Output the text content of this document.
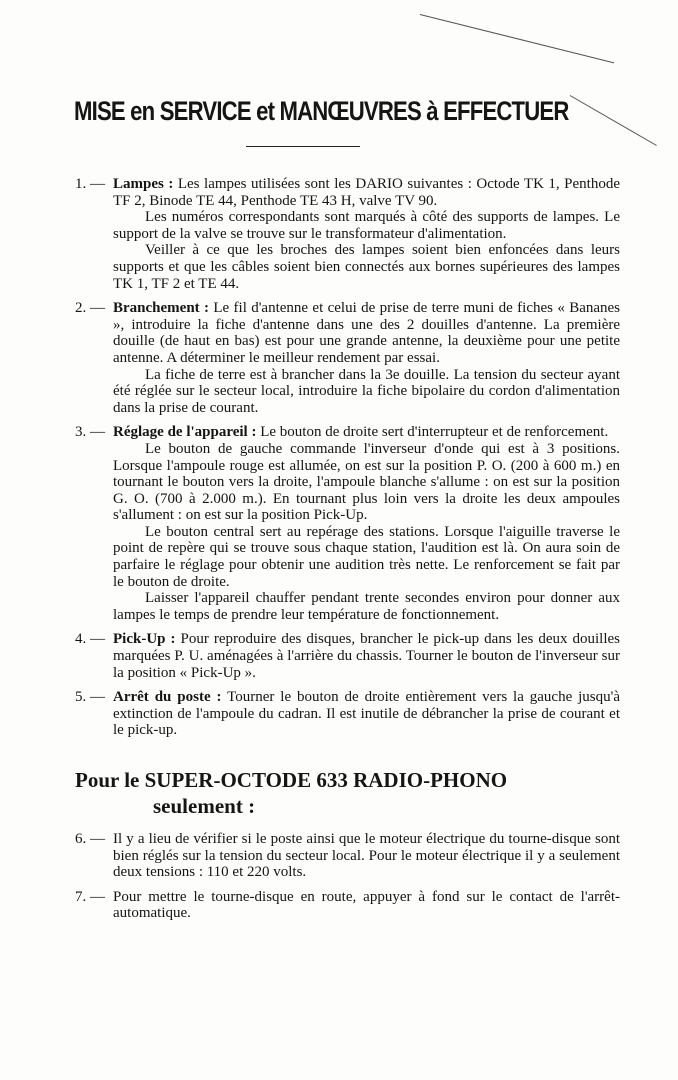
MISE en SERVICE et MANŒUVRES à EFFECTUER
1. — Lampes : Les lampes utilisées sont les DARIO suivantes : Octode TK 1, Penthode TF 2, Binode TE 44, Penthode TE 43 H, valve TV 90.

Les numéros correspondants sont marqués à côté des supports de lampes. Le support de la valve se trouve sur le transformateur d'alimentation.

Veiller à ce que les broches des lampes soient bien enfoncées dans leurs supports et que les câbles soient bien connectés aux bornes supérieures des lampes TK 1, TF 2 et TE 44.

2. — Branchement : Le fil d'antenne et celui de prise de terre muni de fiches « Bananes », introduire la fiche d'antenne dans une des 2 douilles d'antenne. La première douille (de haut en bas) est pour une grande antenne, la deuxième pour une petite antenne. A déterminer le meilleur rendement par essai.

La fiche de terre est à brancher dans la 3e douille. La tension du secteur ayant été réglée sur le secteur local, introduire la fiche bipolaire du cordon d'alimentation dans la prise de courant.

3. — Réglage de l'appareil : Le bouton de droite sert d'interrupteur et de renforcement.

Le bouton de gauche commande l'inverseur d'onde qui est à 3 positions. Lorsque l'ampoule rouge est allumée, on est sur la position P. O. (200 à 600 m.) en tournant le bouton vers la droite, l'ampoule blanche s'allume : on est sur la position G. O. (700 à 2.000 m.). En tournant plus loin vers la droite les deux ampoules s'allument : on est sur la position Pick-Up.

Le bouton central sert au repérage des stations. Lorsque l'aiguille traverse le point de repère qui se trouve sous chaque station, l'audition est là. On aura soin de parfaire le réglage pour obtenir une audition très nette. Le renforcement se fait par le bouton de droite.

Laisser l'appareil chauffer pendant trente secondes environ pour donner aux lampes le temps de prendre leur température de fonctionnement.

4. — Pick-Up : Pour reproduire des disques, brancher le pick-up dans les deux douilles marquées P. U. aménagées à l'arrière du chassis. Tourner le bouton de l'inverseur sur la position « Pick-Up ».

5. — Arrêt du poste : Tourner le bouton de droite entièrement vers la gauche jusqu'à extinction de l'ampoule du cadran. Il est inutile de débrancher la prise de courant et le pick-up.

Pour le SUPER-OCTODE 633 RADIO-PHONO
seulement :
6. — Il y a lieu de vérifier si le poste ainsi que le moteur électrique du tourne-disque sont bien réglés sur la tension du secteur local. Pour le moteur électrique il y a seulement deux tensions : 110 et 220 volts.

7. — Pour mettre le tourne-disque en route, appuyer à fond sur le contact de l'arrêt-automatique.
